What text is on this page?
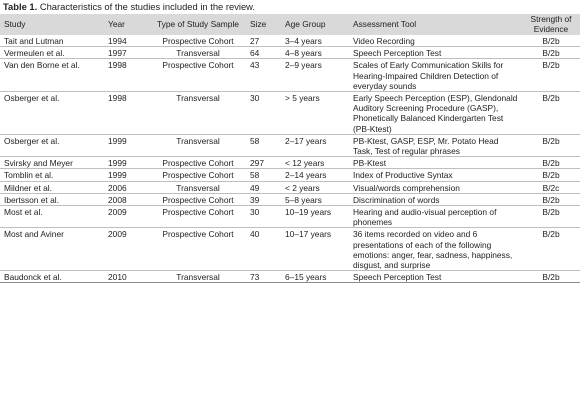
Table 1. Characteristics of the studies included in the review.
Study	Year	Type of Study Sample	Size	Age Group	Assessment Tool	Strength of Evidence
Tait and Lutman	1994	Prospective Cohort	27	3–4 years	Video Recording	B/2b
Vermeulen et al.	1997	Transversal	64	4–8 years	Speech Perception Test	B/2b
Van den Borne et al.	1998	Prospective Cohort	43	2–9 years	Scales of Early Communication Skills for Hearing-Impaired Children Detection of everyday sounds	B/2b
Osberger et al.	1998	Transversal	30	> 5 years	Early Speech Perception (ESP), Glendonald Auditory Screening Procedure (GASP), Phonetically Balanced Kindergarten Test (PB-Ktest)	B/2b
Osberger et al.	1999	Transversal	58	2–17 years	PB-Ktest, GASP, ESP, Mr. Potato Head Task, Test of regular phrases	B/2b
Svirsky and Meyer	1999	Prospective Cohort	297	< 12 years	PB-Ktest	B/2b
Tomblin et al.	1999	Prospective Cohort	58	2–14 years	Index of Productive Syntax	B/2b
Mildner et al.	2006	Transversal	49	< 2 years	Visual/words comprehension	B/2c
Ibertsson et al.	2008	Prospective Cohort	39	5–8 years	Discrimination of words	B/2b
Most et al.	2009	Prospective Cohort	30	10–19 years	Hearing and audio-visual perception of phonemes	B/2b
Most and Aviner	2009	Prospective Cohort	40	10–17 years	36 items recorded on video and 6 presentations of each of the following emotions: anger, fear, sadness, happiness, disgust, and surprise	B/2b
Baudonck et al.	2010	Transversal	73	6–15 years	Speech Perception Test	B/2b
